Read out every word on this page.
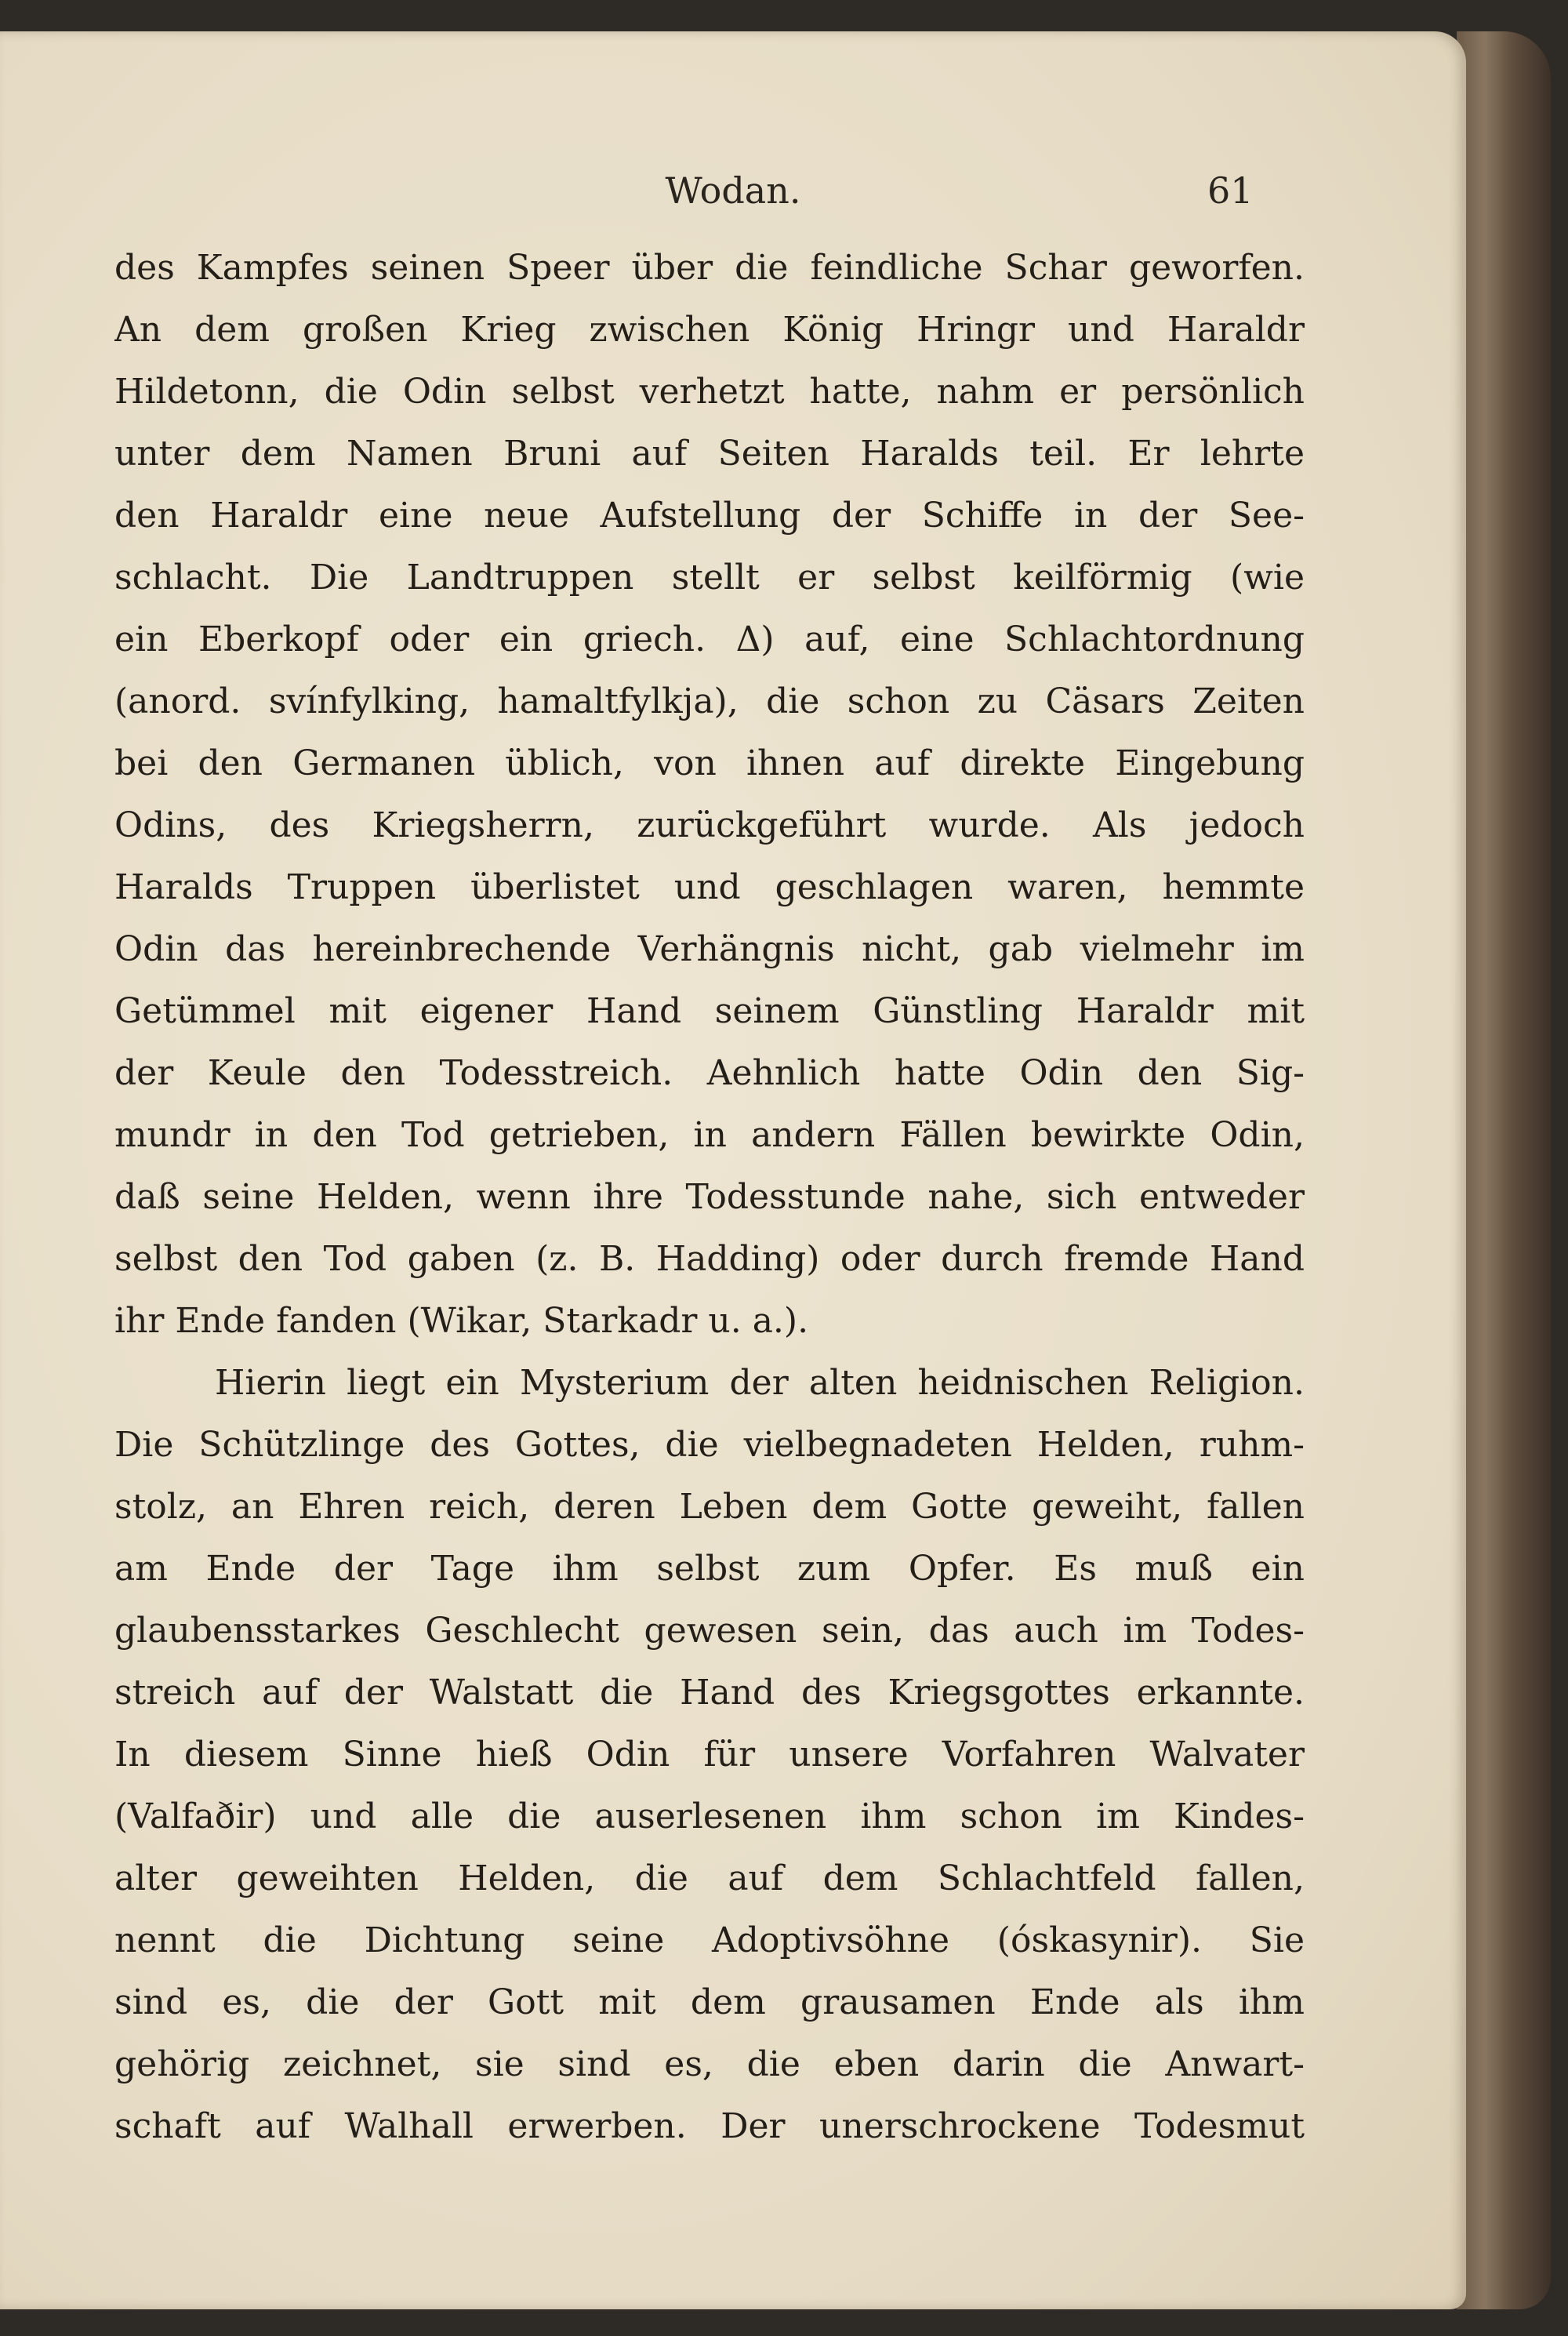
Wodan.	61
des Kampfes seinen Speer über die feindliche Schar geworfen.
An dem großen Krieg zwischen König Hringr und Haraldr
Hildetonn, die Odin selbst verhetzt hatte, nahm er persönlich
unter dem Namen Bruni auf Seiten Haralds teil. Er lehrte
den Haraldr eine neue Aufstellung der Schiffe in der See-
schlacht. Die Landtruppen stellt er selbst keilförmig (wie
ein Eberkopf oder ein griech. Δ) auf, eine Schlachtordnung
(anord. svínfylking, hamaltfylkja), die schon zu Cäsars Zeiten
bei den Germanen üblich, von ihnen auf direkte Eingebung
Odins, des Kriegsherrn, zurückgeführt wurde. Als jedoch
Haralds Truppen überlistet und geschlagen waren, hemmte
Odin das hereinbrechende Verhängnis nicht, gab vielmehr im
Getümmel mit eigener Hand seinem Günstling Haraldr mit
der Keule den Todesstreich. Aehnlich hatte Odin den Sig-
mundr in den Tod getrieben, in andern Fällen bewirkte Odin,
daß seine Helden, wenn ihre Todesstunde nahe, sich entweder
selbst den Tod gaben (z. B. Hadding) oder durch fremde Hand
ihr Ende fanden (Wikar, Starkadr u. a.).
Hierin liegt ein Mysterium der alten heidnischen Religion.
Die Schützlinge des Gottes, die vielbegnadeten Helden, ruhm-
stolz, an Ehren reich, deren Leben dem Gotte geweiht, fallen
am Ende der Tage ihm selbst zum Opfer. Es muß ein
glaubensstarkes Geschlecht gewesen sein, das auch im Todes-
streich auf der Walstatt die Hand des Kriegsgottes erkannte.
In diesem Sinne hieß Odin für unsere Vorfahren Walvater
(Valfaðir) und alle die auserlesenen ihm schon im Kindes-
alter geweihten Helden, die auf dem Schlachtfeld fallen,
nennt die Dichtung seine Adoptivsöhne (óskasynir). Sie
sind es, die der Gott mit dem grausamen Ende als ihm
gehörig zeichnet, sie sind es, die eben darin die Anwart-
schaft auf Walhall erwerben. Der unerschrockene Todesmut
